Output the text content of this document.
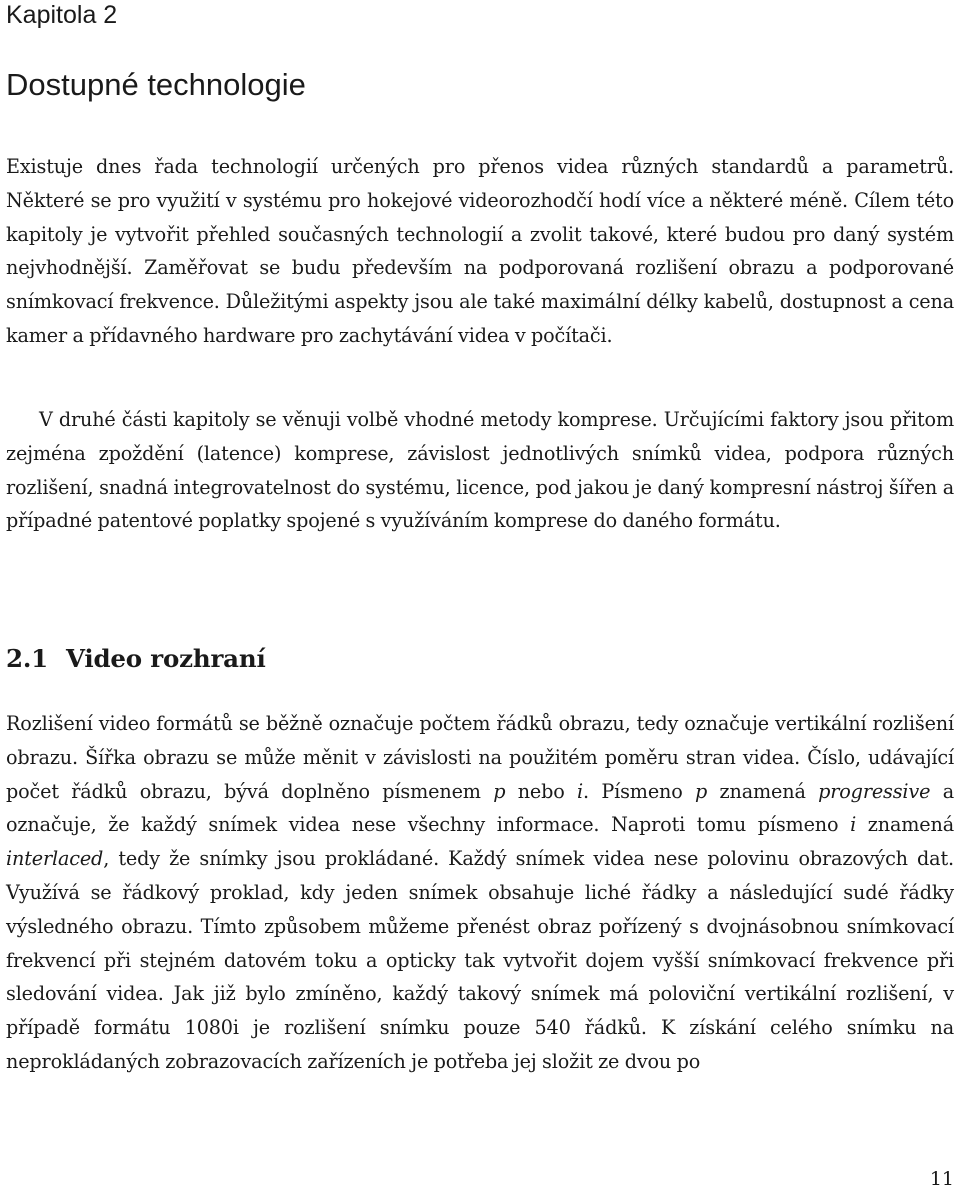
Kapitola 2
Dostupné technologie

Existuje dnes řada technologií určených pro přenos videa různých standardů a parametrů. Některé se pro využití v systému pro hokejové videorozhodčí hodí více a některé méně. Cílem této kapitoly je vytvořit přehled současných technologií a zvolit takové, které budou pro daný systém nejvhodnější. Zaměřovat se budu především na podporovaná rozlišení obrazu a podporované snímkovací frekvence. Důležitými aspekty jsou ale také maximální délky kabelů, dostupnost a cena kamer a přídavného hardware pro zachytávání videa v počítači.

V druhé části kapitoly se věnuji volbě vhodné metody komprese. Určujícími faktory jsou přitom zejména zpoždění (latence) komprese, závislost jednotlivých snímků videa, podpora různých rozlišení, snadná integrovatelnost do systému, licence, pod jakou je daný kompresní nástroj šířen a případné patentové poplatky spojené s využíváním komprese do daného formátu.

2.1 Video rozhraní

Rozlišení video formátů se běžně označuje počtem řádků obrazu, tedy označuje vertikální rozlišení obrazu. Šířka obrazu se může měnit v závislosti na použitém poměru stran videa. Číslo, udávající počet řádků obrazu, bývá doplněno písmenem p nebo i. Písmeno p znamená progressive a označuje, že každý snímek videa nese všechny informace. Naproti tomu písmeno i znamená interlaced, tedy že snímky jsou prokládané. Každý snímek videa nese polovinu obrazových dat. Využívá se řádkový proklad, kdy jeden snímek obsahuje liché řádky a následující sudé řádky výsledného obrazu. Tímto způsobem můžeme přenést obraz pořízený s dvojnásobnou snímkovací frekvencí při stejném datovém toku a opticky tak vytvořit dojem vyšší snímkovací frekvence při sledování videa. Jak již bylo zmíněno, každý takový snímek má poloviční vertikální rozlišení, v případě formátu 1080i je rozlišení snímku pouze 540 řádků. K získání celého snímku na neprokládaných zobrazovacích zařízeních je potřeba jej složit ze dvou po

11
